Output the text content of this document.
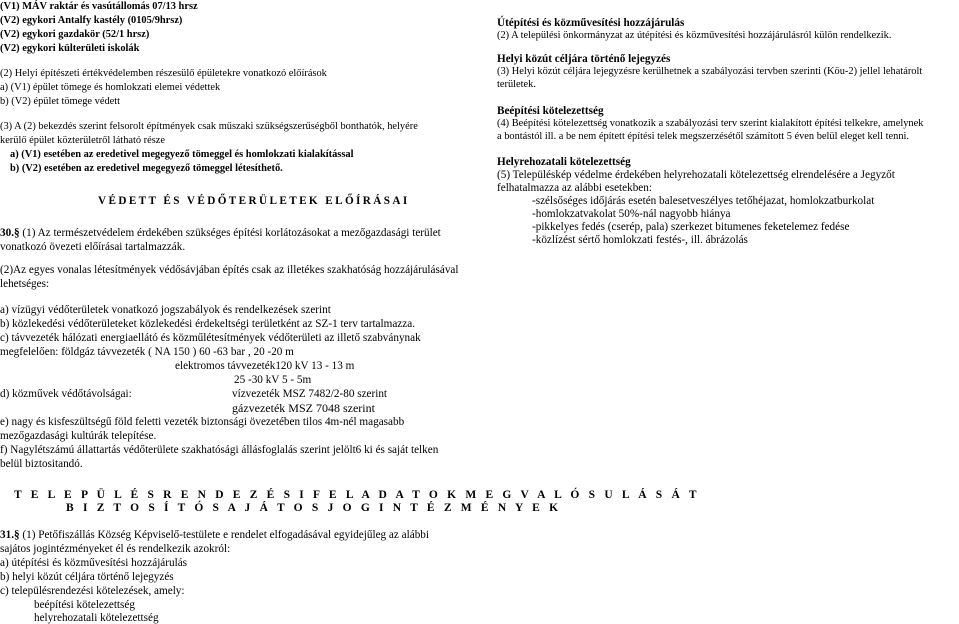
(V1) MÁV raktár és vasútállomás 07/13 hrsz
(V2) egykori Antalfy kastély (0105/9hrsz)
(V2) egykori gazdakör (52/1 hrsz)
(V2) egykori külterületi iskolák
(2) Helyi építészeti értékvédelemben részesülő épületekre vonatkozó előírások
a) (V1) épület tömege és homlokzati elemei védettek
b) (V2) épület tömege védett
(3) A (2) bekezdés szerint felsorolt építmények csak műszaki szükségszerűségből bonthatók, helyére
kerülő épület közterületről látható része
a) (V1) esetében az eredetivel megegyező tömeggel és homlokzati kialakítással
b) (V2) esetében az eredetivel megegyező tömeggel létesíthető.
VÉDETT ÉS VÉDŐTERÜLETEK ELŐÍRÁSAI
30.§ (1) Az természetvédelem érdekében szükséges építési korlátozásokat a mezőgazdasági terület
vonatkozó övezeti előírásai tartalmazzák.
Útépítési és közművesítési hozzájárulás
(2) A települési önkormányzat az útépítési és közművesítési hozzájárulásról külön rendelkezik.
Helyi közút céljára történő lejegyzés
(3) Helyi közút céljára lejegyzésre kerülhetnek a szabályozási tervben szerinti (Köu-2) jellel lehatárolt
területek.
Beépítési kötelezettség
(4) Beépítési kötelezettség vonatkozik a szabályozási terv szerint kialakított építési telkekre, amelynek
a bontástól ill. a be nem épített építési telek megszerzésétől számított 5 éven belül eleget kell tenni.
Helyrehozatali kötelezettség
(5) Településkép védelme érdekében helyrehozatali kötelezettség elrendelésére a Jegyzőt
felhatalmazza az alábbi esetekben:
-szélsőséges időjárás esetén balesetveszélyes tetőhéjazat, homlokzatburkolat
-homlokzatvakolat 50%-nál nagyobb hiánya
-pikkelyes fedés (cserép, pala) szerkezet bitumenes feketelemez fedése
-közlízést sértő homlokzati festés-, ill. ábrázolás
(2)Az egyes vonalas létesítmények védősávjában építés csak az illetékes szakhatóság hozzájárulásával
lehetséges:
a) vízügyi védőterületek vonatkozó jogszabályok és rendelkezések szerint
b) közlekedési védőterületeket közlekedési érdekeltségi területként az SZ-1 terv tartalmazza.
c) távvezeték hálózati energiaellátó és közműlétesítmények védőterületi az illető szabványnak
megfelelően: földgáz távvezeték ( NA 150 ) 60 -63 bar , 20 -20 m
elektromos távvezeték120 kV 13 - 13 m
25 -30 kV 5 - 5m
d) közművek védőtávolságai:	vízvezeték MSZ 7482/2-80 szerint
gázvezeték MSZ 7048 szerint
e) nagy és kisfeszültségű föld feletti vezeték biztonsági övezetében tilos 4m-nél magasabb
mezőgazdasági kultúrák telepítése.
f) Nagylétszámú állattartás védőterülete szakhatósági állásfoglalás szerint jelölt6 ki és saját telken
belül biztositandó.
T E L E P Ü L É S R E N D E Z É S I F E L A D A T O K M E G V A L Ó S U L Á S Á T
B I Z T O S Í T Ó S A J Á T O S J O G I N T É Z M É N Y E K
31.§ (1) Petőfiszállás Község Képviselő-testülete e rendelet elfogadásával egyidejűleg az alábbi
sajátos jogintézményeket él és rendelkezik azokról:
a) útépítési és közművesítési hozzájárulás
b) helyi közút céljára történő lejegyzés
c) településrendezési kötelezések, amely:
beépítési kötelezettség
helyrehozatali kötelezettség
